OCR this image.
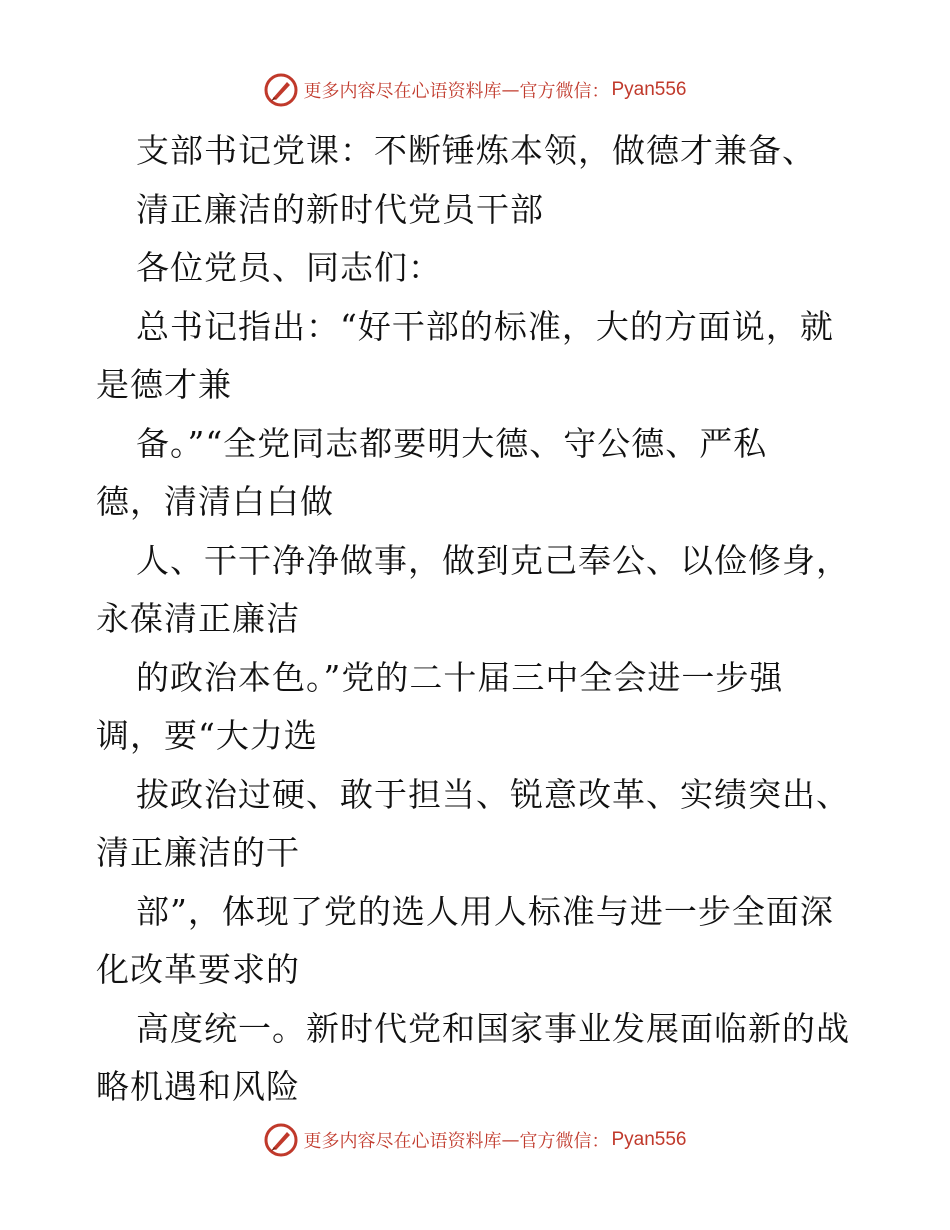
更多内容尽在心语资料库 — 官方微信： Pyan556

支部书记党课：不断锤炼本领，做德才兼备、

清正廉洁的新时代党员干部

各位党员、同志们：

总书记指出：“好干部的标准，大的方面说，就

是德才兼

备。”“全党同志都要明大德、守公德、严私

德，清清白白做

人、干干净净做事，做到克己奉公、以俭修身，

永葆清正廉洁

的政治本色。”党的二十届三中全会进一步强

调，要“大力选

拔政治过硬、敢于担当、锐意改革、实绩突出、

清正廉洁的干

部”，体现了党的选人用人标准与进一步全面深

化改革要求的

高度统一。新时代党和国家事业发展面临新的战

略机遇和风险

更多内容尽在心语资料库 — 官方微信： Pyan556
